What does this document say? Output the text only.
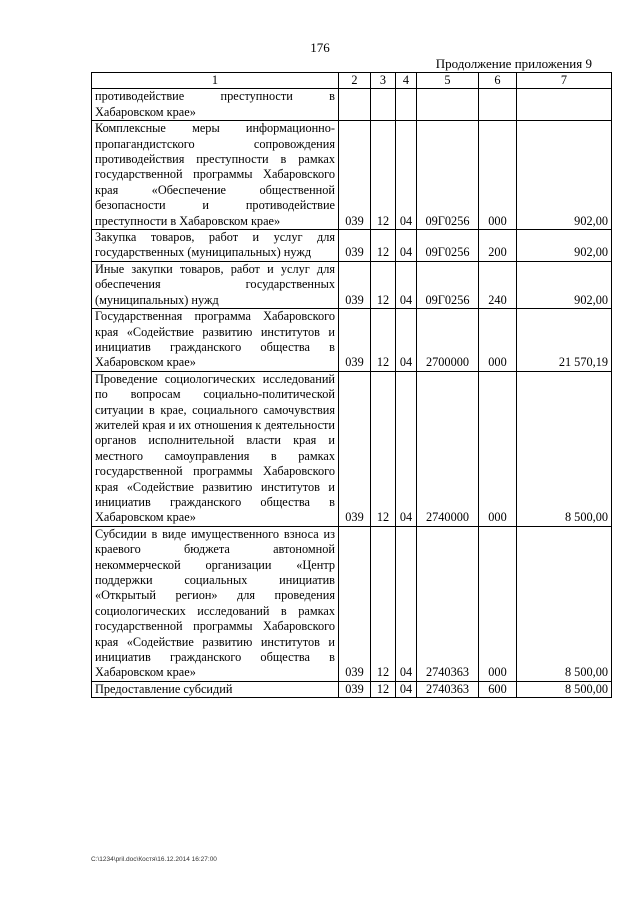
176
Продолжение приложения 9
1	2	3	4	5	6	7
противодействие преступности в Хабаровском крае»						
Комплексные меры информационно-пропагандистского сопровождения противодействия преступности в рамках государственной программы Хабаровского края «Обеспечение общественной безопасности и противодействие преступности в Хабаровском крае»	039	12	04	09Г0256	000	902,00
Закупка товаров, работ и услуг для государственных (муниципальных) нужд	039	12	04	09Г0256	200	902,00
Иные закупки товаров, работ и услуг для обеспечения государственных (муниципальных) нужд	039	12	04	09Г0256	240	902,00
Государственная программа Хабаровского края «Содействие развитию институтов и инициатив гражданского общества в Хабаровском крае»	039	12	04	2700000	000	21 570,19
Проведение социологических исследований по вопросам социально-политической ситуации в крае, социального самочувствия жителей края и их отношения к деятельности органов исполнительной власти края и местного самоуправления в рамках государственной программы Хабаровского края «Содействие развитию институтов и инициатив гражданского общества в Хабаровском крае»	039	12	04	2740000	000	8 500,00
Субсидии в виде имущественного взноса из краевого бюджета автономной некоммерческой организации «Центр поддержки социальных инициатив «Открытый регион» для проведения социологических исследований в рамках государственной программы Хабаровского края «Содействие развитию институтов и инициатив гражданского общества в Хабаровском крае»	039	12	04	2740363	000	8 500,00
Предоставление субсидий	039	12	04	2740363	600	8 500,00
C:\1234\pril.doc\Костя\16.12.2014 16:27:00
